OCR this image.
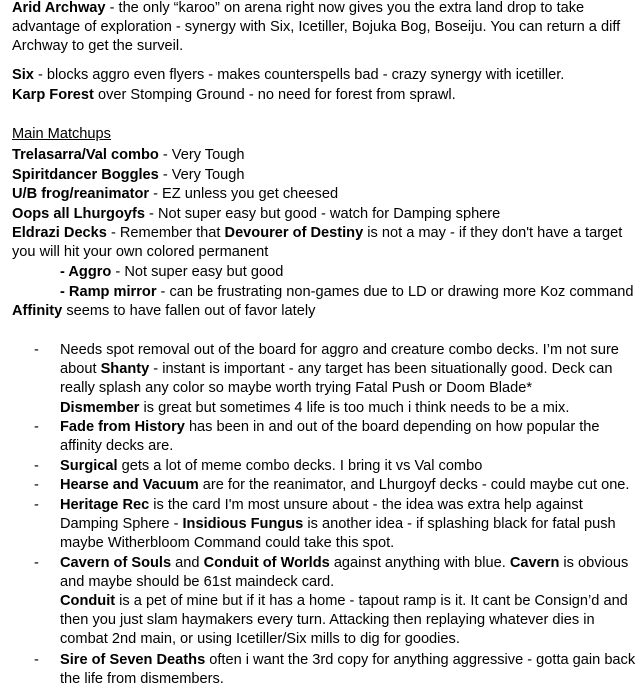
Arid Archway - the only “karoo” on arena right now gives you the extra land drop to take advantage of exploration - synergy with Six, Icetiller, Bojuka Bog, Boseiju. You can return a diff Archway to get the surveil.

Six - blocks aggro even flyers - makes counterspells bad - crazy synergy with icetiller.

Karp Forest over Stomping Ground - no need for forest from sprawl.

Main Matchups

Trelasarra/Val combo - Very Tough

Spiritdancer Boggles - Very Tough

U/B frog/reanimator - EZ unless you get cheesed

Oops all Lhurgoyfs - Not super easy but good - watch for Damping sphere

Eldrazi Decks - Remember that Devourer of Destiny is not a may - if they don't have a target you will hit your own colored permanent

- Aggro - Not super easy but good

- Ramp mirror - can be frustrating non-games due to LD or drawing more Koz command

Affinity seems to have fallen out of favor lately

-	Needs spot removal out of the board for aggro and creature combo decks. I’m not sure about Shanty - instant is important - any target has been situationally good. Deck can really splash any color so maybe worth trying Fatal Push or Doom Blade*

Dismember is great but sometimes 4 life is too much i think needs to be a mix.

-	Fade from History has been in and out of the board depending on how popular the affinity decks are.

-	Surgical gets a lot of meme combo decks. I bring it vs Val combo

-	Hearse and Vacuum are for the reanimator, and Lhurgoyf decks - could maybe cut one.

-	Heritage Rec is the card I'm most unsure about - the idea was extra help against Damping Sphere - Insidious Fungus is another idea - if splashing black for fatal push maybe Witherbloom Command could take this spot.

-	Cavern of Souls and Conduit of Worlds against anything with blue. Cavern is obvious and maybe should be 61st maindeck card.

Conduit is a pet of mine but if it has a home - tapout ramp is it. It cant be Consign’d and then you just slam haymakers every turn. Attacking then replaying whatever dies in combat 2nd main, or using Icetiller/Six mills to dig for goodies.

-	Sire of Seven Deaths often i want the 3rd copy for anything aggressive - gotta gain back the life from dismembers.
